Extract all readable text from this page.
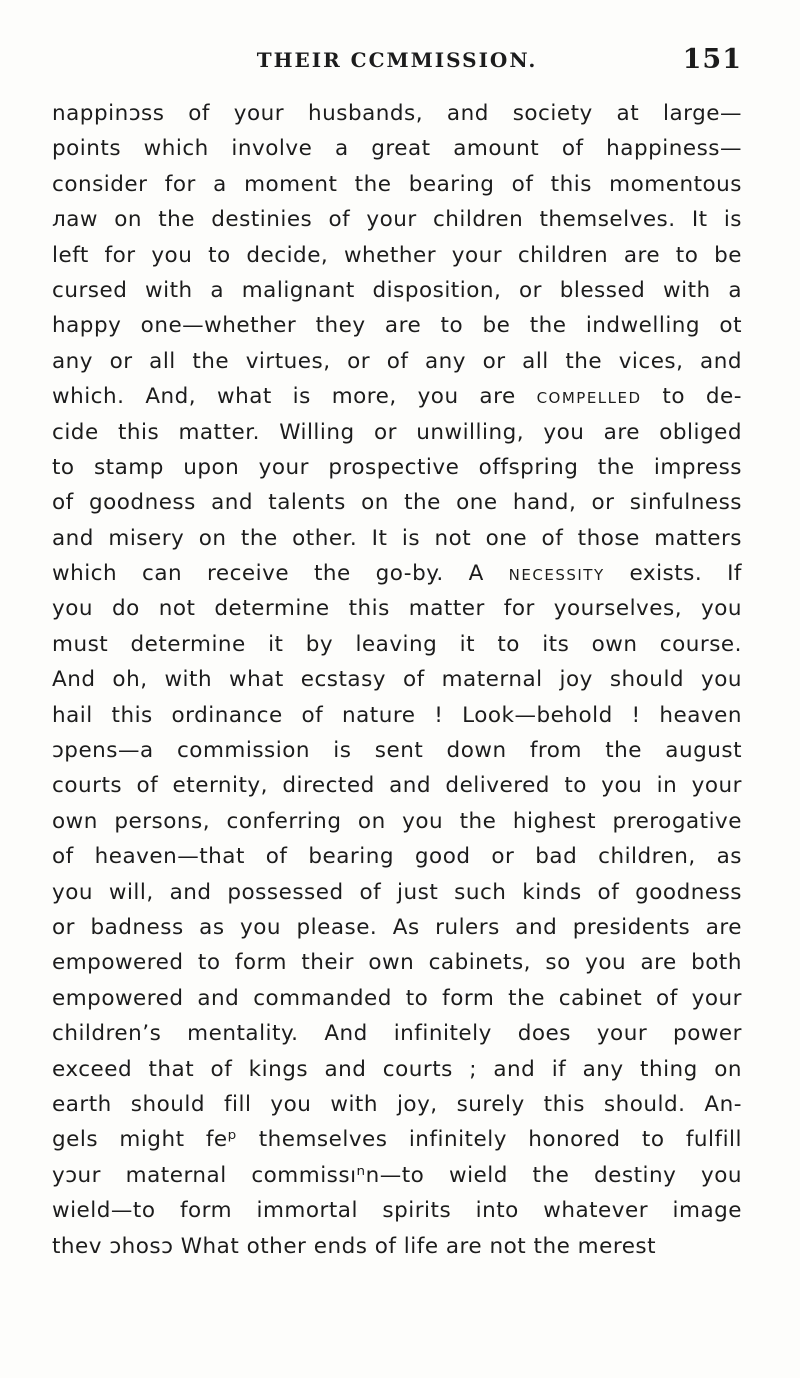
THEIR CCMMISSION.	151
nappinɔss of your husbands, and society at large—
points which involve a great amount of happiness—
consider for a moment the bearing of this momentous
ᴫaw on the destinies of your children themselves. It is
left for you to decide, whether your children are to be
cursed with a malignant disposition, or blessed with a
happy one—whether they are to be the indwelling ot
any or all the virtues, or of any or all the vices, and
which. And, what is more, you are compelled to de-
cide this matter. Willing or unwilling, you are obliged
to stamp upon your prospective offspring the impress
of goodness and talents on the one hand, or sinfulness
and misery on the other. It is not one of those matters
which can receive the go-by. A necessity exists. If
you do not determine this matter for yourselves, you
must determine it by leaving it to its own course.
And oh, with what ecstasy of maternal joy should you
hail this ordinance of nature ! Look—behold ! heaven
ɔpens—a commission is sent down from the august
courts of eternity, directed and delivered to you in your
own persons, conferring on you the highest prerogative
of heaven—that of bearing good or bad children, as
you will, and possessed of just such kinds of goodness
or badness as you please. As rulers and presidents are
empowered to form their own cabinets, so you are both
empowered and commanded to form the cabinet of your
children’s mentality. And infinitely does your power
exceed that of kings and courts ; and if any thing on
earth should fill you with joy, surely this should. An-
gels might feᵖ themselves infinitely honored to fulfill
yɔur maternal commissıⁿn—to wield the destiny you
wield—to form immortal spirits into whatever image
thev ɔhosɔ What other ends of life are not the merest
